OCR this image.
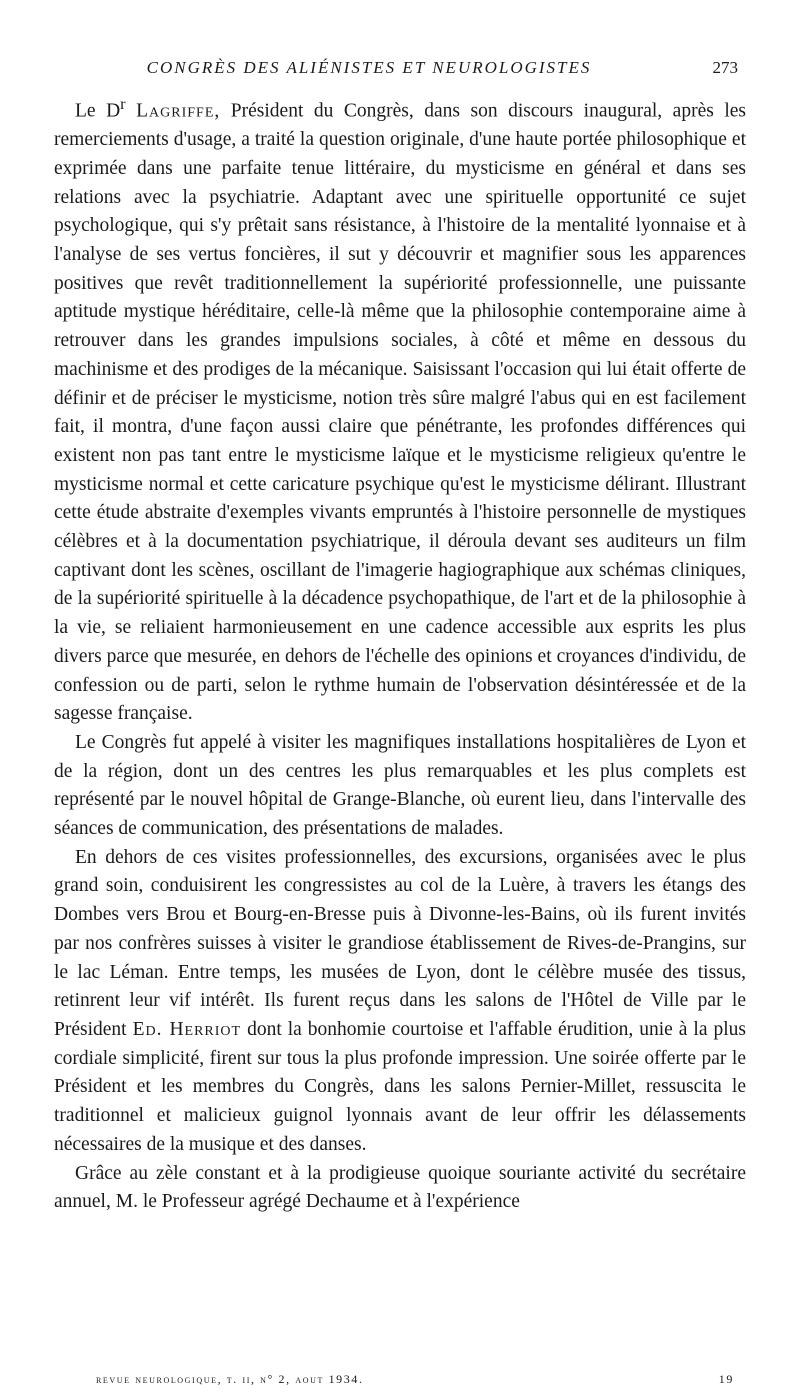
CONGRÈS DES ALIÉNISTES ET NEUROLOGISTES	273

Le $D^r$ Lagriffe, Président du Congrès, dans son discours inaugural, après les remerciements d'usage, a traité la question originale, d'une haute portée philosophique et exprimée dans une parfaite tenue littéraire, du mysticisme en général et dans ses relations avec la psychiatrie. Adaptant avec une spirituelle opportunité ce sujet psychologique, qui s'y prêtait sans résistance, à l'histoire de la mentalité lyonnaise et à l'analyse de ses vertus foncières, il sut y découvrir et magnifier sous les apparences positives que revêt traditionnellement la supériorité professionnelle, une puissante aptitude mystique héréditaire, celle-là même que la philosophie contemporaine aime à retrouver dans les grandes impulsions sociales, à côté et même en dessous du machinisme et des prodiges de la mécanique. Saisissant l'occasion qui lui était offerte de définir et de préciser le mysticisme, notion très sûre malgré l'abus qui en est facilement fait, il montra, d'une façon aussi claire que pénétrante, les profondes différences qui existent non pas tant entre le mysticisme laïque et le mysticisme religieux qu'entre le mysticisme normal et cette caricature psychique qu'est le mysticisme délirant. Illustrant cette étude abstraite d'exemples vivants empruntés à l'histoire personnelle de mystiques célèbres et à la documentation psychiatrique, il déroula devant ses auditeurs un film captivant dont les scènes, oscillant de l'imagerie hagiographique aux schémas cliniques, de la supériorité spirituelle à la décadence psychopathique, de l'art et de la philosophie à la vie, se reliaient harmonieusement en une cadence accessible aux esprits les plus divers parce que mesurée, en dehors de l'échelle des opinions et croyances d'individu, de confession ou de parti, selon le rythme humain de l'observation désintéressée et de la sagesse française.

Le Congrès fut appelé à visiter les magnifiques installations hospitalières de Lyon et de la région, dont un des centres les plus remarquables et les plus complets est représenté par le nouvel hôpital de Grange-Blanche, où eurent lieu, dans l'intervalle des séances de communication, des présentations de malades.

En dehors de ces visites professionnelles, des excursions, organisées avec le plus grand soin, conduisirent les congressistes au col de la Luère, à travers les étangs des Dombes vers Brou et Bourg-en-Bresse puis à Divonne-les-Bains, où ils furent invités par nos confrères suisses à visiter le grandiose établissement de Rives-de-Prangins, sur le lac Léman. Entre temps, les musées de Lyon, dont le célèbre musée des tissus, retinrent leur vif intérêt. Ils furent reçus dans les salons de l'Hôtel de Ville par le Président Ed. Herriot dont la bonhomie courtoise et l'affable érudition, unie à la plus cordiale simplicité, firent sur tous la plus profonde impression. Une soirée offerte par le Président et les membres du Congrès, dans les salons Pernier-Millet, ressuscita le traditionnel et malicieux guignol lyonnais avant de leur offrir les délassements nécessaires de la musique et des danses.

Grâce au zèle constant et à la prodigieuse quoique souriante activité du secrétaire annuel, M. le Professeur agrégé Dechaume et à l'expérience

revue neurologique, t. ii, n° 2, aout 1934.	19
